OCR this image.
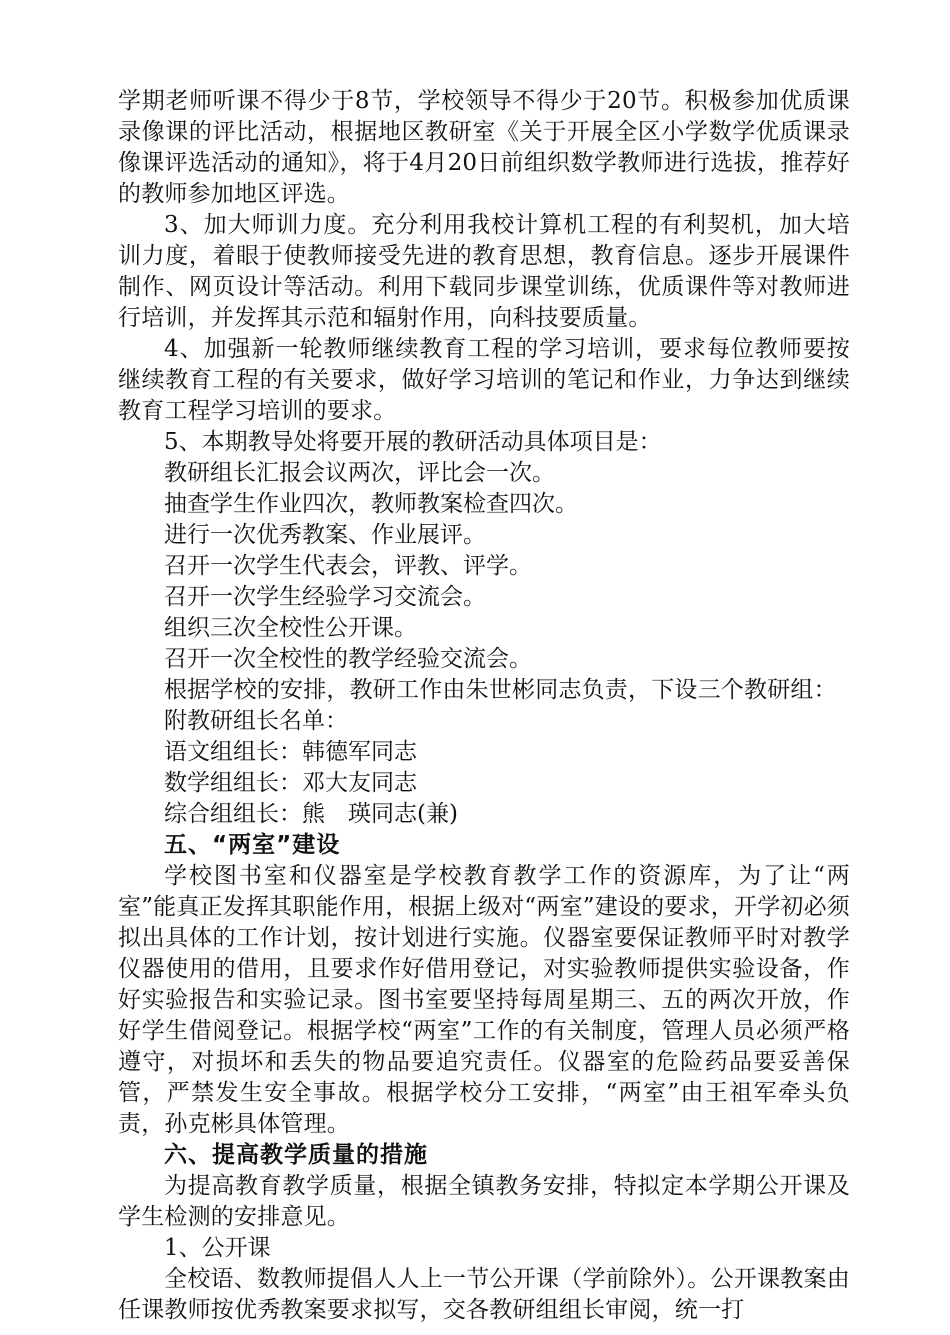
学期老师听课不得少于8节，学校领导不得少于20节。积极参加优质课录像课的评比活动，根据地区教研室《关于开展全区小学数学优质课录像课评选活动的通知》，将于4月20日前组织数学教师进行选拔，推荐好的教师参加地区评选。

3、加大师训力度。充分利用我校计算机工程的有利契机，加大培训力度，着眼于使教师接受先进的教育思想，教育信息。逐步开展课件制作、网页设计等活动。利用下载同步课堂训练，优质课件等对教师进行培训，并发挥其示范和辐射作用，向科技要质量。

4、加强新一轮教师继续教育工程的学习培训，要求每位教师要按继续教育工程的有关要求，做好学习培训的笔记和作业，力争达到继续教育工程学习培训的要求。

5、本期教导处将要开展的教研活动具体项目是：

教研组长汇报会议两次，评比会一次。

抽查学生作业四次，教师教案检查四次。

进行一次优秀教案、作业展评。

召开一次学生代表会，评教、评学。

召开一次学生经验学习交流会。

组织三次全校性公开课。

召开一次全校性的教学经验交流会。

根据学校的安排，教研工作由朱世彬同志负责，下设三个教研组：

附教研组长名单：

语文组组长：韩德军同志

数学组组长：邓大友同志

综合组组长：熊　瑛同志(兼)

五、“两室”建设

学校图书室和仪器室是学校教育教学工作的资源库，为了让“两室”能真正发挥其职能作用，根据上级对“两室”建设的要求，开学初必须拟出具体的工作计划，按计划进行实施。仪器室要保证教师平时对教学仪器使用的借用，且要求作好借用登记，对实验教师提供实验设备，作好实验报告和实验记录。图书室要坚持每周星期三、五的两次开放，作好学生借阅登记。根据学校“两室”工作的有关制度，管理人员必须严格遵守，对损坏和丢失的物品要追究责任。仪器室的危险药品要妥善保管，严禁发生安全事故。根据学校分工安排，“两室”由王祖军牵头负责，孙克彬具体管理。

六、提高教学质量的措施

为提高教育教学质量，根据全镇教务安排，特拟定本学期公开课及学生检测的安排意见。

1、公开课

全校语、数教师提倡人人上一节公开课（学前除外）。公开课教案由任课教师按优秀教案要求拟写，交各教研组组长审阅，统一打
